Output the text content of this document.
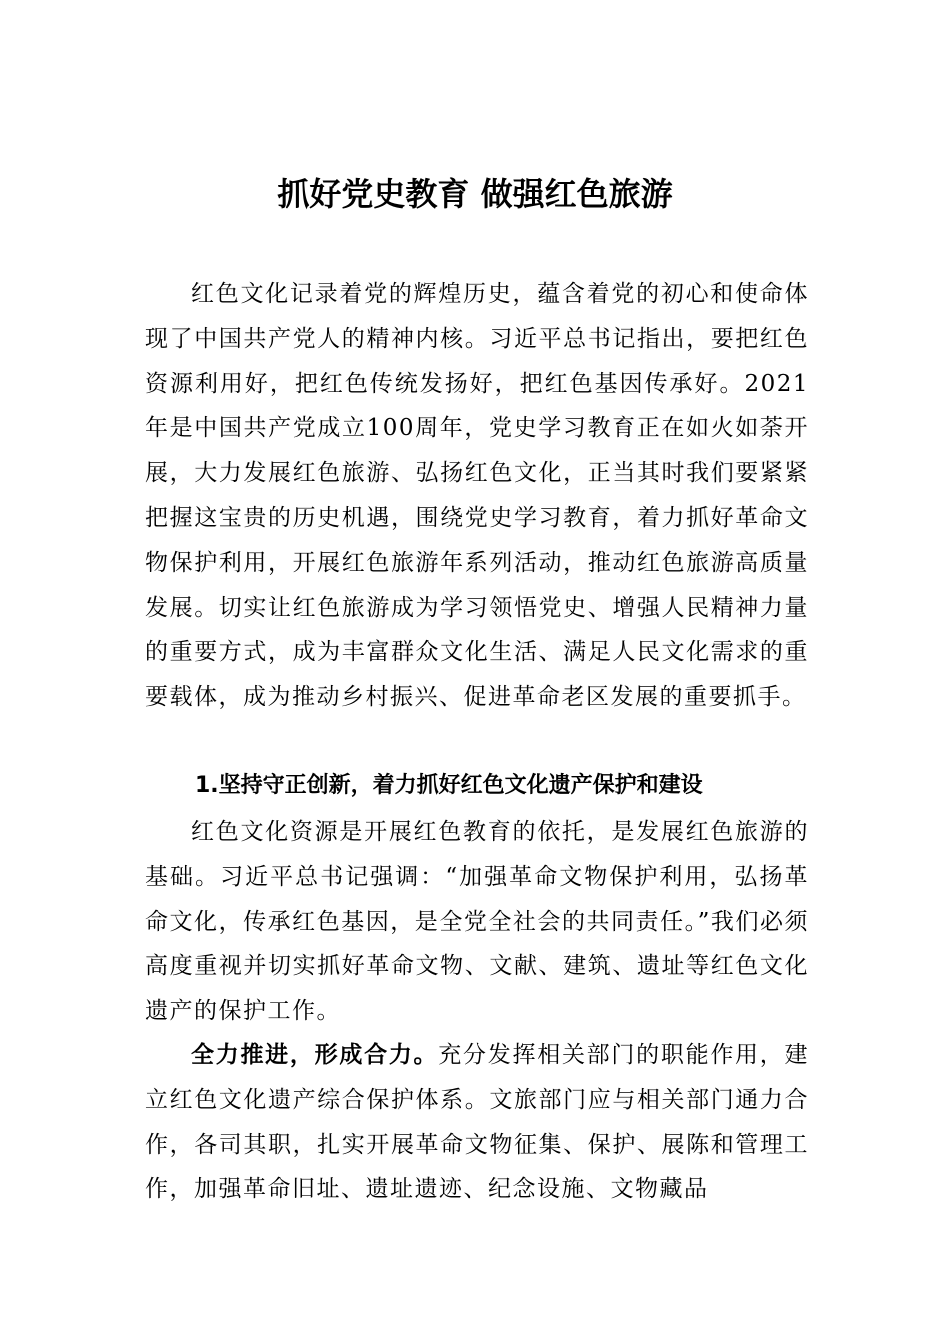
抓好党史教育 做强红色旅游

红色文化记录着党的辉煌历史，蕴含着党的初心和使命体现了中国共产党人的精神内核。习近平总书记指出，要把红色资源利用好，把红色传统发扬好，把红色基因传承好。2021年是中国共产党成立100周年，党史学习教育正在如火如荼开展，大力发展红色旅游、弘扬红色文化，正当其时我们要紧紧把握这宝贵的历史机遇，围绕党史学习教育，着力抓好革命文物保护利用，开展红色旅游年系列活动，推动红色旅游高质量发展。切实让红色旅游成为学习领悟党史、增强人民精神力量的重要方式，成为丰富群众文化生活、满足人民文化需求的重要载体，成为推动乡村振兴、促进革命老区发展的重要抓手。

1.坚持守正创新，着力抓好红色文化遗产保护和建设

红色文化资源是开展红色教育的依托，是发展红色旅游的基础。习近平总书记强调：“加强革命文物保护利用，弘扬革命文化，传承红色基因，是全党全社会的共同责任。”我们必须高度重视并切实抓好革命文物、文献、建筑、遗址等红色文化遗产的保护工作。

全力推进，形成合力。充分发挥相关部门的职能作用，建立红色文化遗产综合保护体系。文旅部门应与相关部门通力合作，各司其职，扎实开展革命文物征集、保护、展陈和管理工作，加强革命旧址、遗址遗迹、纪念设施、文物藏品
